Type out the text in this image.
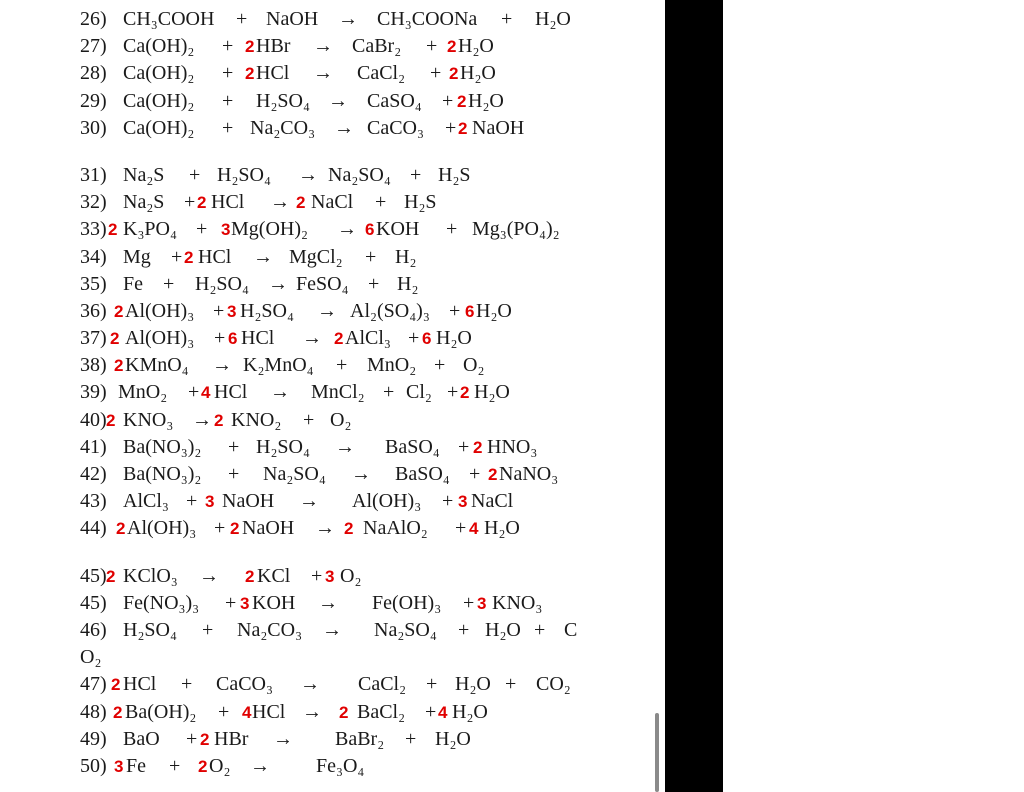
26) CH₃COOH + NaOH → CH₃COONa + H₂O
27) Ca(OH)₂ + 2 HBr → CaBr₂ + 2 H₂O
28) Ca(OH)₂ + 2 HCl → CaCl₂ + 2 H₂O
29) Ca(OH)₂ + H₂SO₄ → CaSO₄ + 2 H₂O
30) Ca(OH)₂ + Na₂CO₃ → CaCO₃ + 2 NaOH
31) Na₂S + H₂SO₄ → Na₂SO₄ + H₂S
32) Na₂S + 2 HCl → 2 NaCl + H₂S
33) 2 K₃PO₄ + 3 Mg(OH)₂ → 6 KOH + Mg₃(PO₄)₂
34) Mg + 2 HCl → MgCl₂ + H₂
35) Fe + H₂SO₄ → FeSO₄ + H₂
36) 2 Al(OH)₃ + 3 H₂SO₄ → Al₂(SO₄)₃ + 6 H₂O
37) 2 Al(OH)₃ + 6 HCl → 2 AlCl₃ + 6 H₂O
38) 2 KMnO₄ → K₂MnO₄ + MnO₂ + O₂
39) MnO₂ + 4 HCl → MnCl₂ + Cl₂ + 2 H₂O
40) 2 KNO₃ → 2 KNO₂ + O₂
41) Ba(NO₃)₂ + H₂SO₄ → BaSO₄ + 2 HNO₃
42) Ba(NO₃)₂ + Na₂SO₄ → BaSO₄ + 2 NaNO₃
43) AlCl₃ + 3 NaOH → Al(OH)₃ + 3 NaCl
44) 2 Al(OH)₃ + 2 NaOH → 2 NaAlO₂ + 4 H₂O
45) 2 KClO₃ → 2 KCl + 3 O₂
45) Fe(NO₃)₃ + 3 KOH → Fe(OH)₃ + 3 KNO₃
46) H₂SO₄ + Na₂CO₃ → Na₂SO₄ + H₂O + C
O₂
47) 2 HCl + CaCO₃ → CaCl₂ + H₂O + CO₂
48) 2 Ba(OH)₂ + 4 HCl → 2 BaCl₂ + 4 H₂O
49) BaO + 2 HBr → BaBr₂ + H₂O
50) 3 Fe + 2 O₂ → Fe₃O₄
